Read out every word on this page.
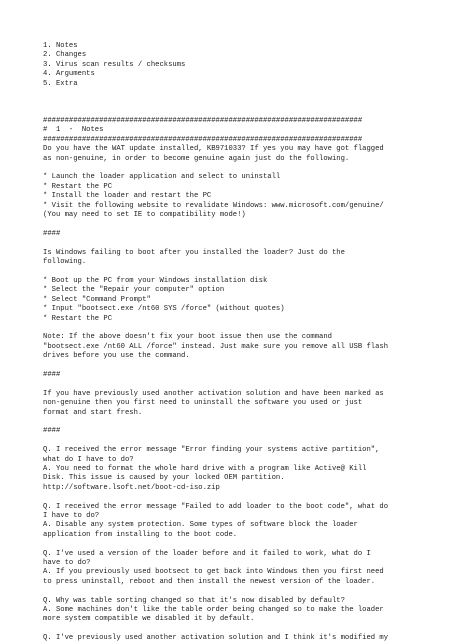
1. Notes
2. Changes
3. Virus scan results / checksums
4. Arguments
5. Extra
##########################################################################
#  1  -  Notes
##########################################################################
Do you have the WAT update installed, KB971033? If yes you may have got flagged
as non-genuine, in order to become genuine again just do the following.
* Launch the loader application and select to uninstall
* Restart the PC
* Install the loader and restart the PC
* Visit the following website to revalidate Windows: www.microsoft.com/genuine/
(You may need to set IE to compatibility mode!)
####
Is Windows failing to boot after you installed the loader? Just do the
following.
* Boot up the PC from your Windows installation disk
* Select the "Repair your computer" option
* Select "Command Prompt"
* Input "bootsect.exe /nt60 SYS /force" (without quotes)
* Restart the PC
Note: If the above doesn't fix your boot issue then use the command
"bootsect.exe /nt60 ALL /force" instead. Just make sure you remove all USB flash
drives before you use the command.
####
If you have previously used another activation solution and have been marked as
non-genuine then you first need to uninstall the software you used or just
format and start fresh.
####
Q. I received the error message "Error finding your systems active partition",
what do I have to do?
A. You need to format the whole hard drive with a program like Active@ Kill
Disk. This issue is caused by your locked OEM partition.
http://software.lsoft.net/boot-cd-iso.zip
Q. I received the error message "Failed to add loader to the boot code", what do
I have to do?
A. Disable any system protection. Some types of software block the loader
application from installing to the boot code.
Q. I've used a version of the loader before and it failed to work, what do I
have to do?
A. If you previously used bootsect to get back into Windows then you first need
to press uninstall, reboot and then install the newest version of the loader.
Q. Why was table sorting changed so that it's now disabled by default?
A. Some machines don't like the table order being changed so to make the loader
more system compatible we disabled it by default.
Q. I've previously used another activation solution and I think it's modified my
